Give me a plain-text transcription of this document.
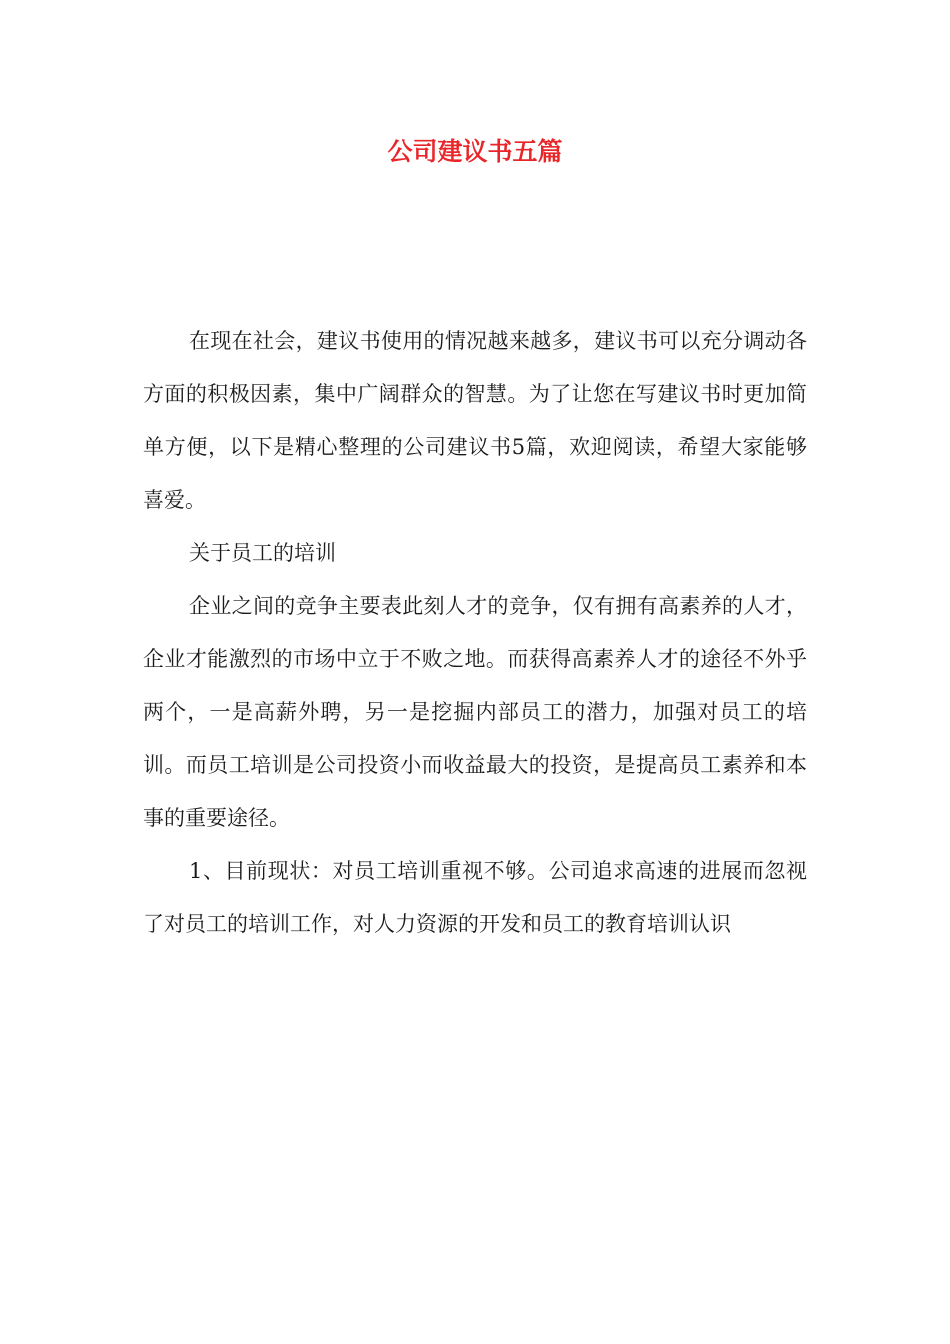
公司建议书五篇

在现在社会，建议书使用的情况越来越多，建议书可以充分调动各方面的积极因素，集中广阔群众的智慧。为了让您在写建议书时更加简单方便，以下是精心整理的公司建议书5篇，欢迎阅读，希望大家能够喜爱。

关于员工的培训

企业之间的竞争主要表此刻人才的竞争，仅有拥有高素养的人才，企业才能激烈的市场中立于不败之地。而获得高素养人才的途径不外乎两个，一是高薪外聘，另一是挖掘内部员工的潜力，加强对员工的培训。而员工培训是公司投资小而收益最大的投资，是提高员工素养和本事的重要途径。

1、目前现状：对员工培训重视不够。公司追求高速的进展而忽视了对员工的培训工作，对人力资源的开发和员工的教育培训认识
